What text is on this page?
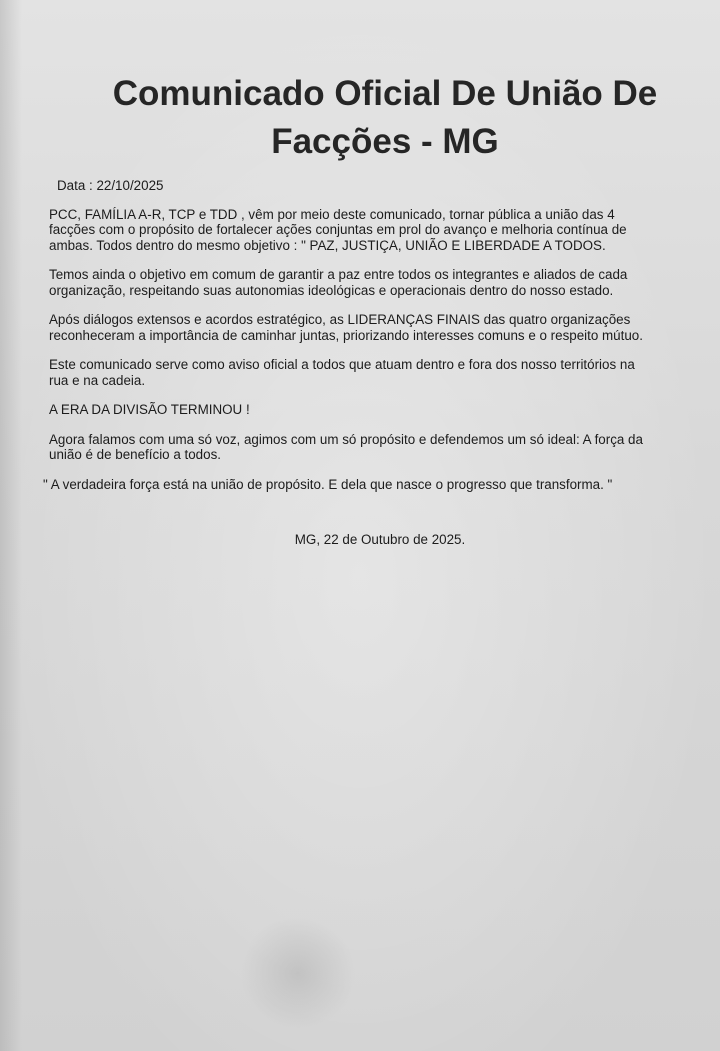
Comunicado Oficial De União De
Facções - MG

Data : 22/10/2025

PCC, FAMÍLIA A-R, TCP e TDD , vêm por meio deste comunicado, tornar pública a união das 4
facções com o propósito de fortalecer ações conjuntas em prol do avanço e melhoria contínua de
ambas. Todos dentro do mesmo objetivo : " PAZ, JUSTIÇA, UNIÃO E LIBERDADE A TODOS.

Temos ainda o objetivo em comum de garantir a paz entre todos os integrantes e aliados de cada
organização, respeitando suas autonomias ideológicas e operacionais dentro do nosso estado.

Após diálogos extensos e acordos estratégico, as LIDERANÇAS FINAIS das quatro organizações
reconheceram a importância de caminhar juntas, priorizando interesses comuns e o respeito mútuo.

Este comunicado serve como aviso oficial a todos que atuam dentro e fora dos nosso territórios na
rua e na cadeia.

A ERA DA DIVISÃO TERMINOU !

Agora falamos com uma só voz, agimos com um só propósito e defendemos um só ideal: A força da
união é de benefício a todos.

" A verdadeira força está na união de propósito. E dela que nasce o progresso que transforma. "

MG, 22 de Outubro de 2025.
